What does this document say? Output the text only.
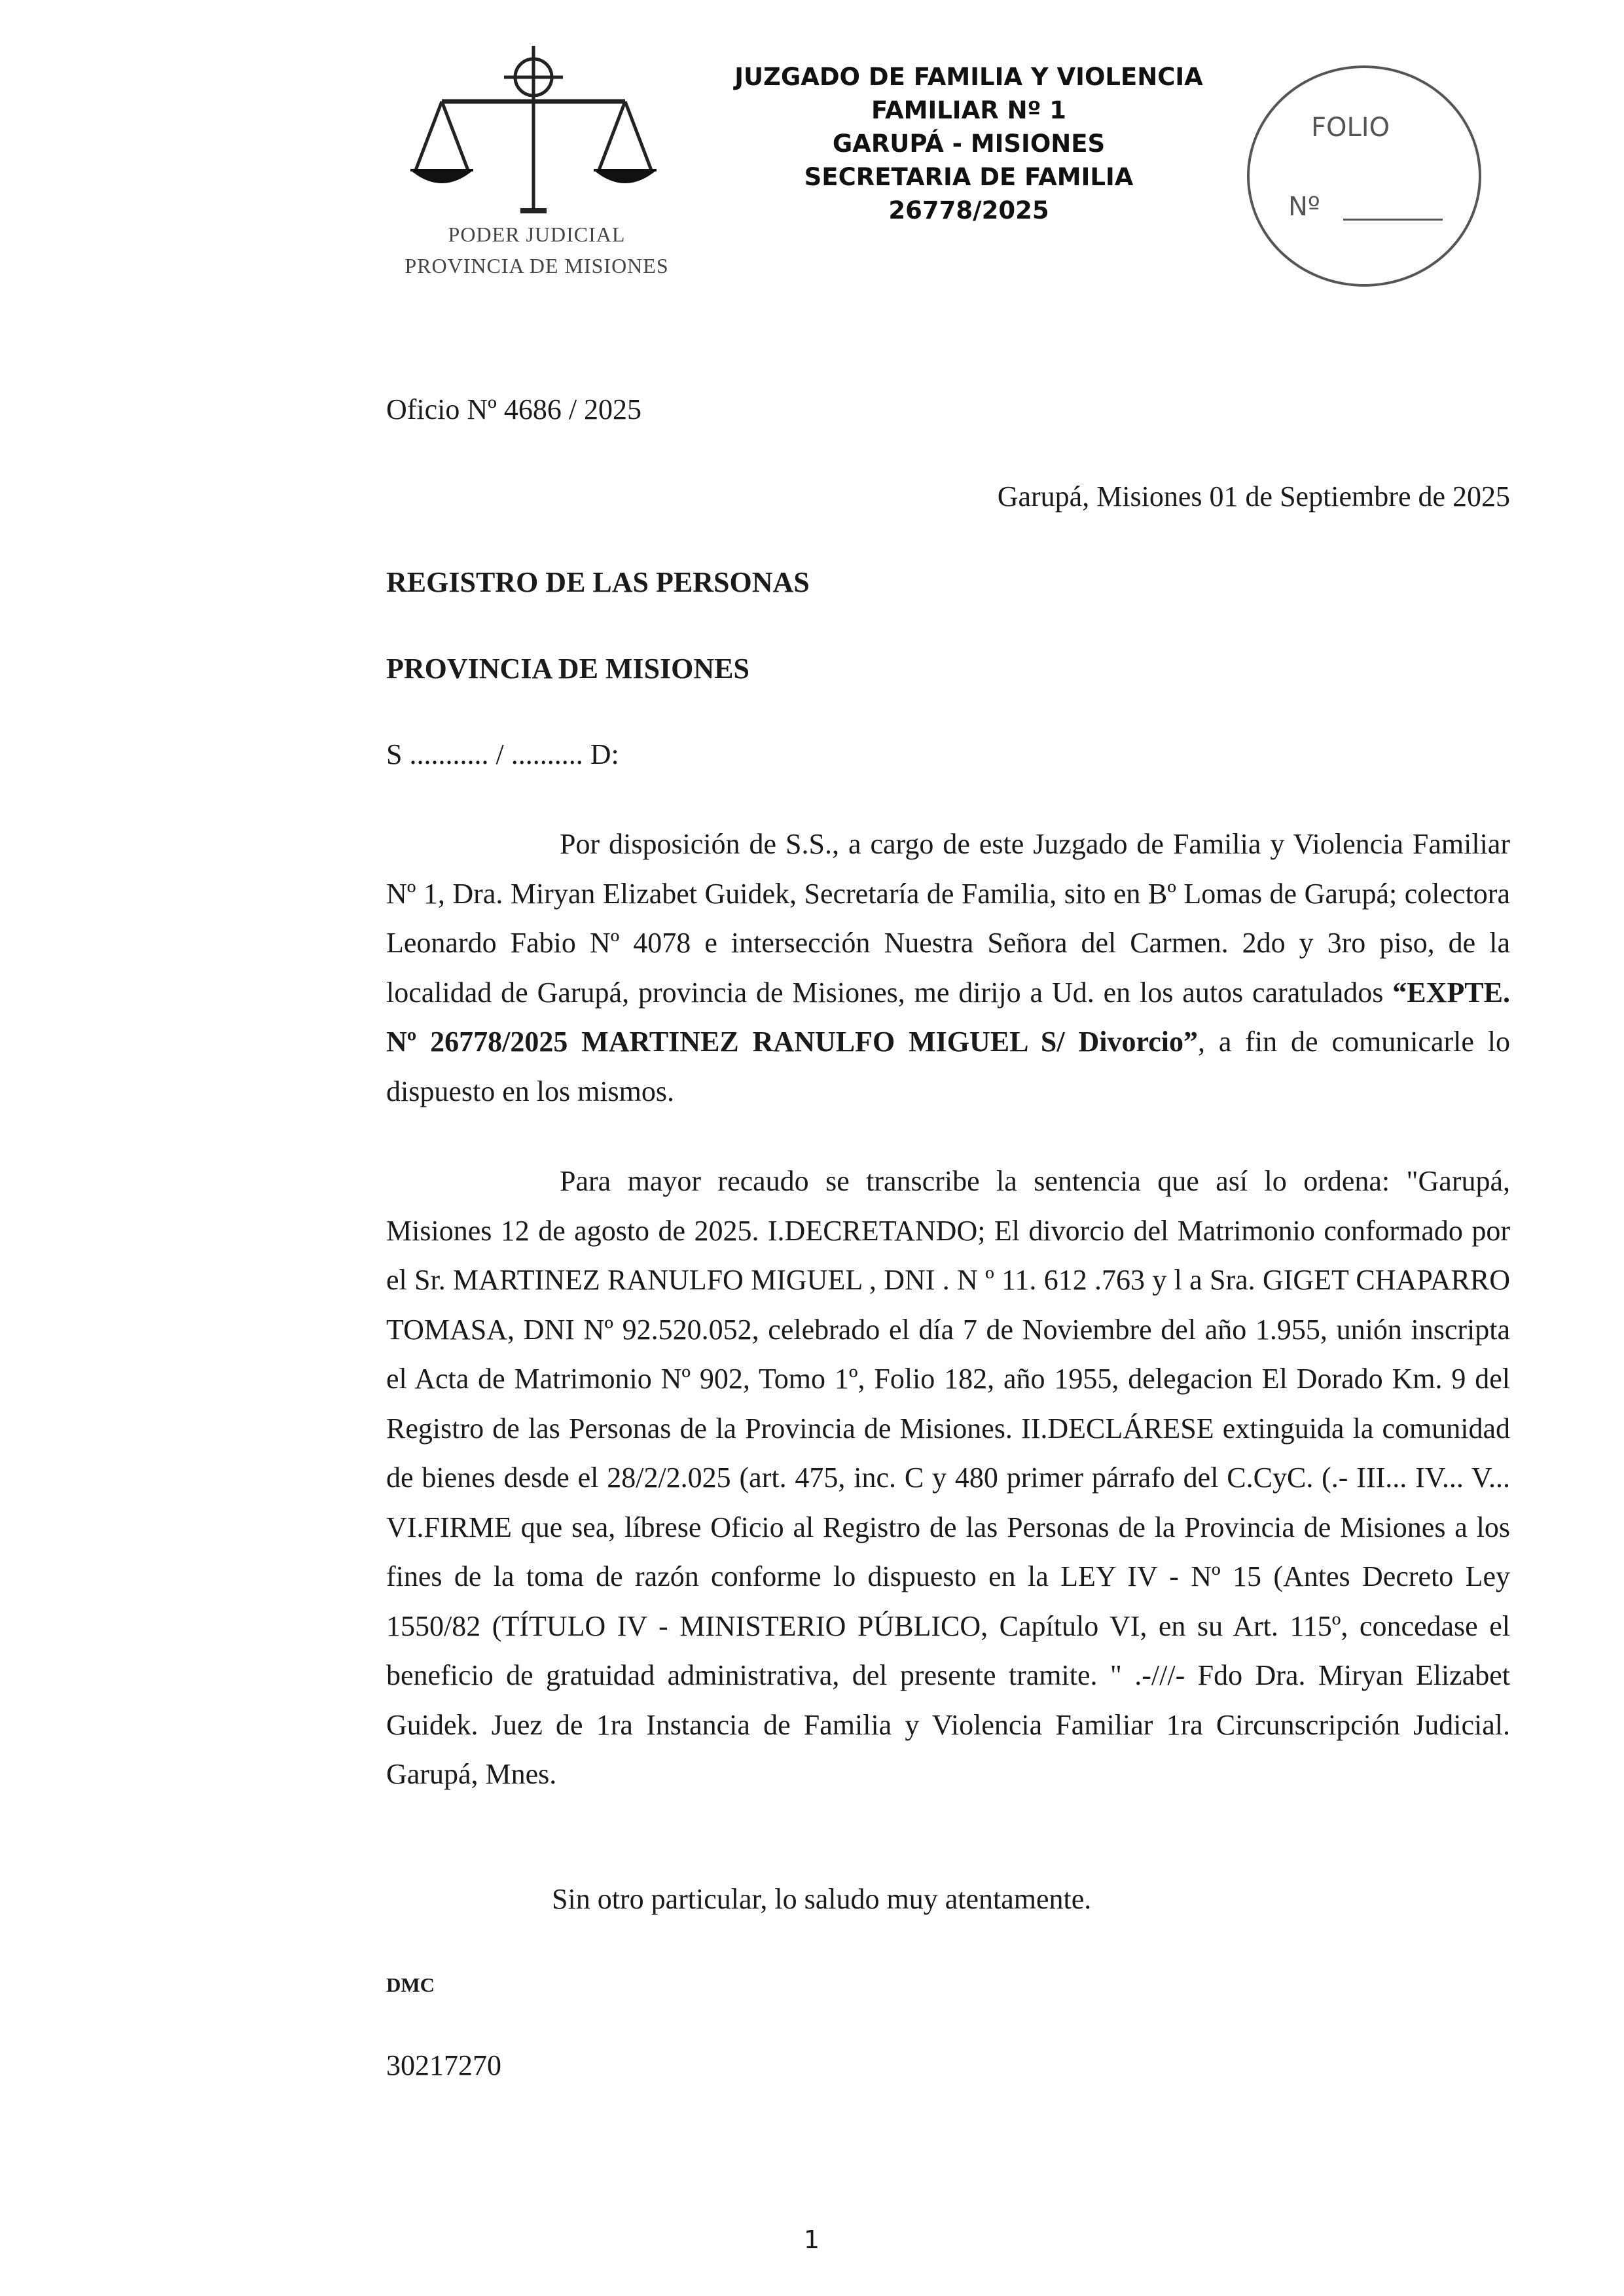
PODER JUDICIAL
PROVINCIA DE MISIONES
JUZGADO DE FAMILIA Y VIOLENCIA
FAMILIAR Nº 1
GARUPÁ - MISIONES
SECRETARIA DE FAMILIA
26778/2025
FOLIO
Nº
Oficio Nº 4686 / 2025
Garupá, Misiones 01 de Septiembre de 2025
REGISTRO DE LAS PERSONAS
PROVINCIA DE MISIONES
S ........... / .......... D:

Por disposición de S.S., a cargo de este Juzgado de Familia y Violencia Familiar Nº 1, Dra. Miryan Elizabet Guidek, Secretaría de Familia, sito en Bº Lomas de Garupá; colectora Leonardo Fabio Nº 4078 e intersección Nuestra Señora del Carmen. 2do y 3ro piso, de la localidad de Garupá, provincia de Misiones, me dirijo a Ud. en los autos caratulados “EXPTE. Nº 26778/2025 MARTINEZ RANULFO MIGUEL S/ Divorcio”, a fin de comunicarle lo dispuesto en los mismos.

Para mayor recaudo se transcribe la sentencia que así lo ordena: "Garupá, Misiones 12 de agosto de 2025. I.DECRETANDO; El divorcio del Matrimonio conformado por el Sr. MARTINEZ RANULFO MIGUEL , DNI . N º 11. 612 .763 y l a Sra. GIGET CHAPARRO TOMASA, DNI Nº 92.520.052, celebrado el día 7 de Noviembre del año 1.955, unión inscripta el Acta de Matrimonio Nº 902, Tomo 1º, Folio 182, año 1955, delegacion El Dorado Km. 9 del Registro de las Personas de la Provincia de Misiones. II.DECLÁRESE extinguida la comunidad de bienes desde el 28/2/2.025 (art. 475, inc. C y 480 primer párrafo del C.CyC. (.- III... IV... V... VI.FIRME que sea, líbrese Oficio al Registro de las Personas de la Provincia de Misiones a los fines de la toma de razón conforme lo dispuesto en la LEY IV - Nº 15 (Antes Decreto Ley 1550/82 (TÍTULO IV - MINISTERIO PÚBLICO, Capítulo VI, en su Art. 115º, concedase el beneficio de gratuidad administrativa, del presente tramite. " .-///- Fdo Dra. Miryan Elizabet Guidek. Juez de 1ra Instancia de Familia y Violencia Familiar 1ra Circunscripción Judicial. Garupá, Mnes.

Sin otro particular, lo saludo muy atentamente.
DMC
30217270
1
